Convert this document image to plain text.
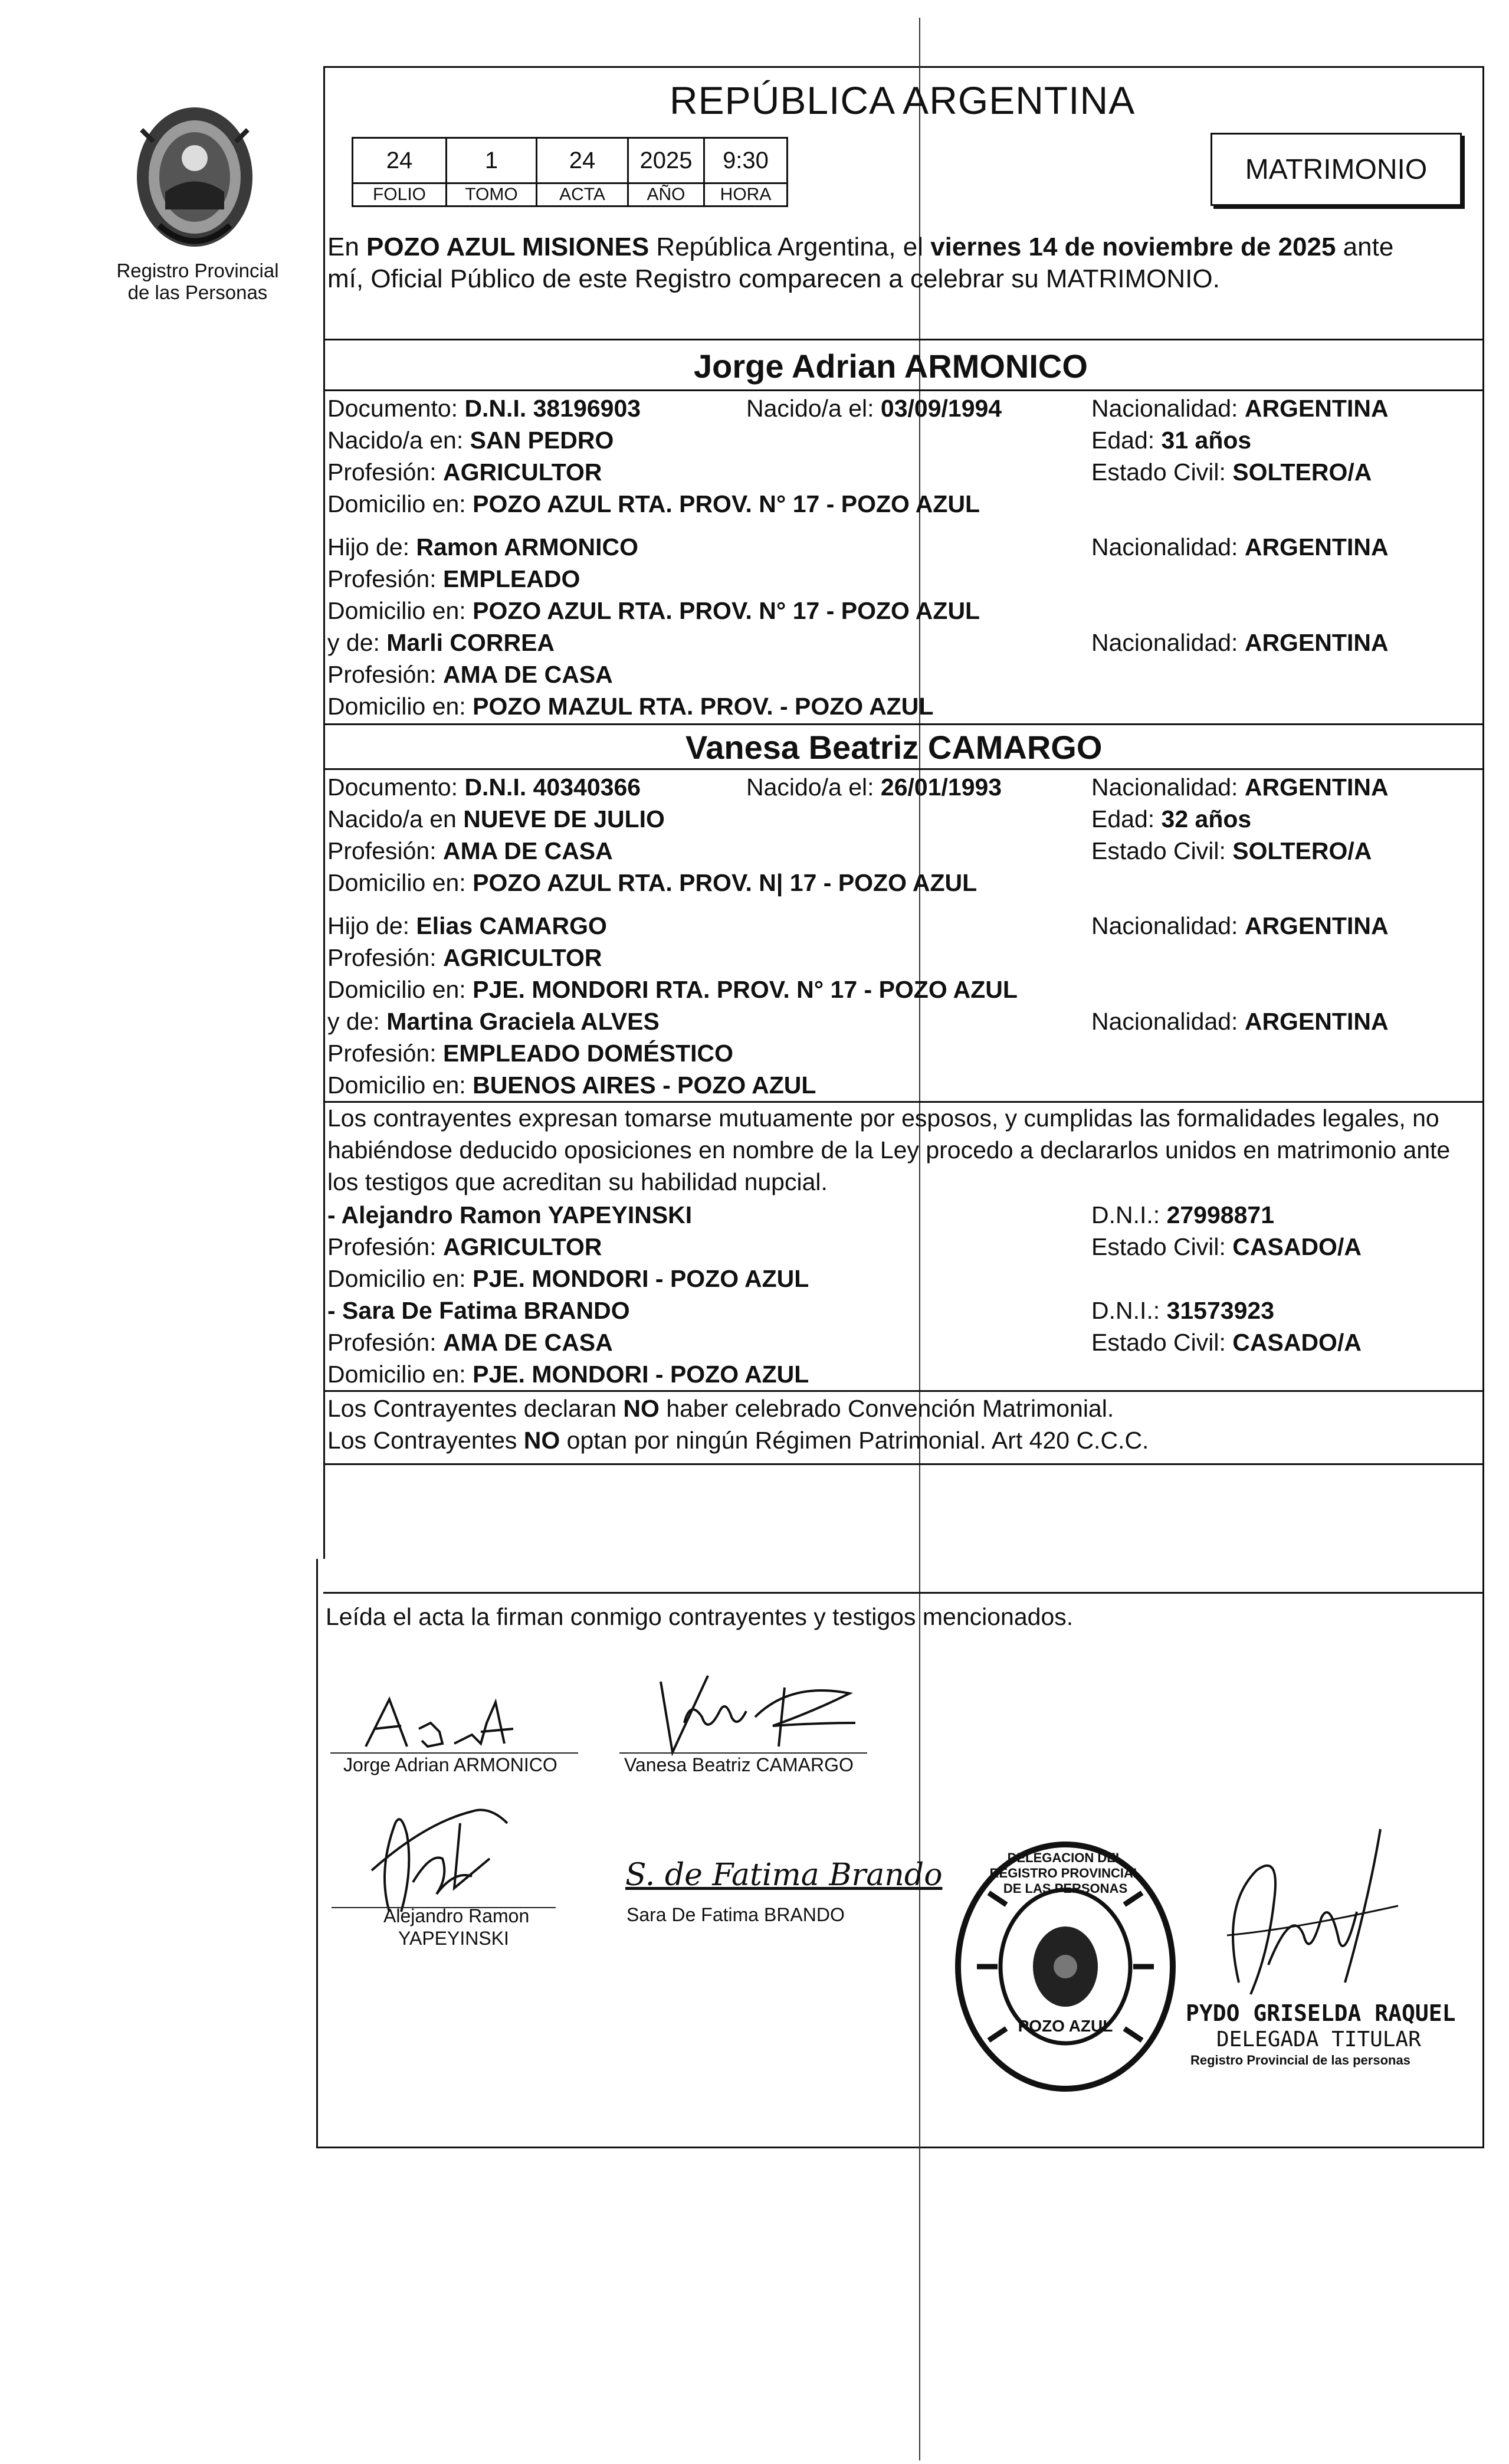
Registro Provincial
de las Personas
REPÚBLICA ARGENTINA
24	1	24	2025	9:30
FOLIO	TOMO	ACTA	AÑO	HORA
MATRIMONIO
En POZO AZUL MISIONES República Argentina, el viernes 14 de noviembre de 2025 ante
mí, Oficial Público de este Registro comparecen a celebrar su MATRIMONIO.
Jorge Adrian ARMONICO
Documento: D.N.I. 38196903	Nacido/a el: 03/09/1994	Nacionalidad: ARGENTINA
Nacido/a en: SAN PEDRO	Edad: 31 años
Profesión: AGRICULTOR	Estado Civil: SOLTERO/A
Domicilio en: POZO AZUL RTA. PROV. N° 17 - POZO AZUL
Hijo de: Ramon ARMONICO	Nacionalidad: ARGENTINA
Profesión: EMPLEADO
Domicilio en: POZO AZUL RTA. PROV. N° 17 - POZO AZUL
y de: Marli CORREA	Nacionalidad: ARGENTINA
Profesión: AMA DE CASA
Domicilio en: POZO MAZUL RTA. PROV. - POZO AZUL
Vanesa Beatriz CAMARGO
Documento: D.N.I. 40340366	Nacido/a el: 26/01/1993	Nacionalidad: ARGENTINA
Nacido/a en NUEVE DE JULIO	Edad: 32 años
Profesión: AMA DE CASA	Estado Civil: SOLTERO/A
Domicilio en: POZO AZUL RTA. PROV. N| 17 - POZO AZUL
Hijo de: Elias CAMARGO	Nacionalidad: ARGENTINA
Profesión: AGRICULTOR
Domicilio en: PJE. MONDORI RTA. PROV. N° 17 - POZO AZUL
y de: Martina Graciela ALVES	Nacionalidad: ARGENTINA
Profesión: EMPLEADO DOMÉSTICO
Domicilio en: BUENOS AIRES - POZO AZUL
Los contrayentes expresan tomarse mutuamente por esposos, y cumplidas las formalidades legales, no
habiéndose deducido oposiciones en nombre de la Ley procedo a declararlos unidos en matrimonio ante
los testigos que acreditan su habilidad nupcial.
- Alejandro Ramon YAPEYINSKI	D.N.I.: 27998871
Profesión: AGRICULTOR	Estado Civil: CASADO/A
Domicilio en: PJE. MONDORI - POZO AZUL
- Sara De Fatima BRANDO	D.N.I.: 31573923
Profesión: AMA DE CASA	Estado Civil: CASADO/A
Domicilio en: PJE. MONDORI - POZO AZUL
Los Contrayentes declaran NO haber celebrado Convención Matrimonial.
Los Contrayentes NO optan por ningún Régimen Patrimonial. Art 420 C.C.C.
Leída el acta la firman conmigo contrayentes y testigos mencionados.
Jorge Adrian ARMONICO	Vanesa Beatriz CAMARGO
Alejandro Ramon
YAPEYINSKI
S. de Fatima Brando
Sara De Fatima BRANDO
DELEGACION DEL REGISTRO PROVINCIAL DE LAS PERSONAS
POZO AZUL	PYDO GRISELDA RAQUEL
DELEGADA TITULAR
Registro Provincial de las personas
